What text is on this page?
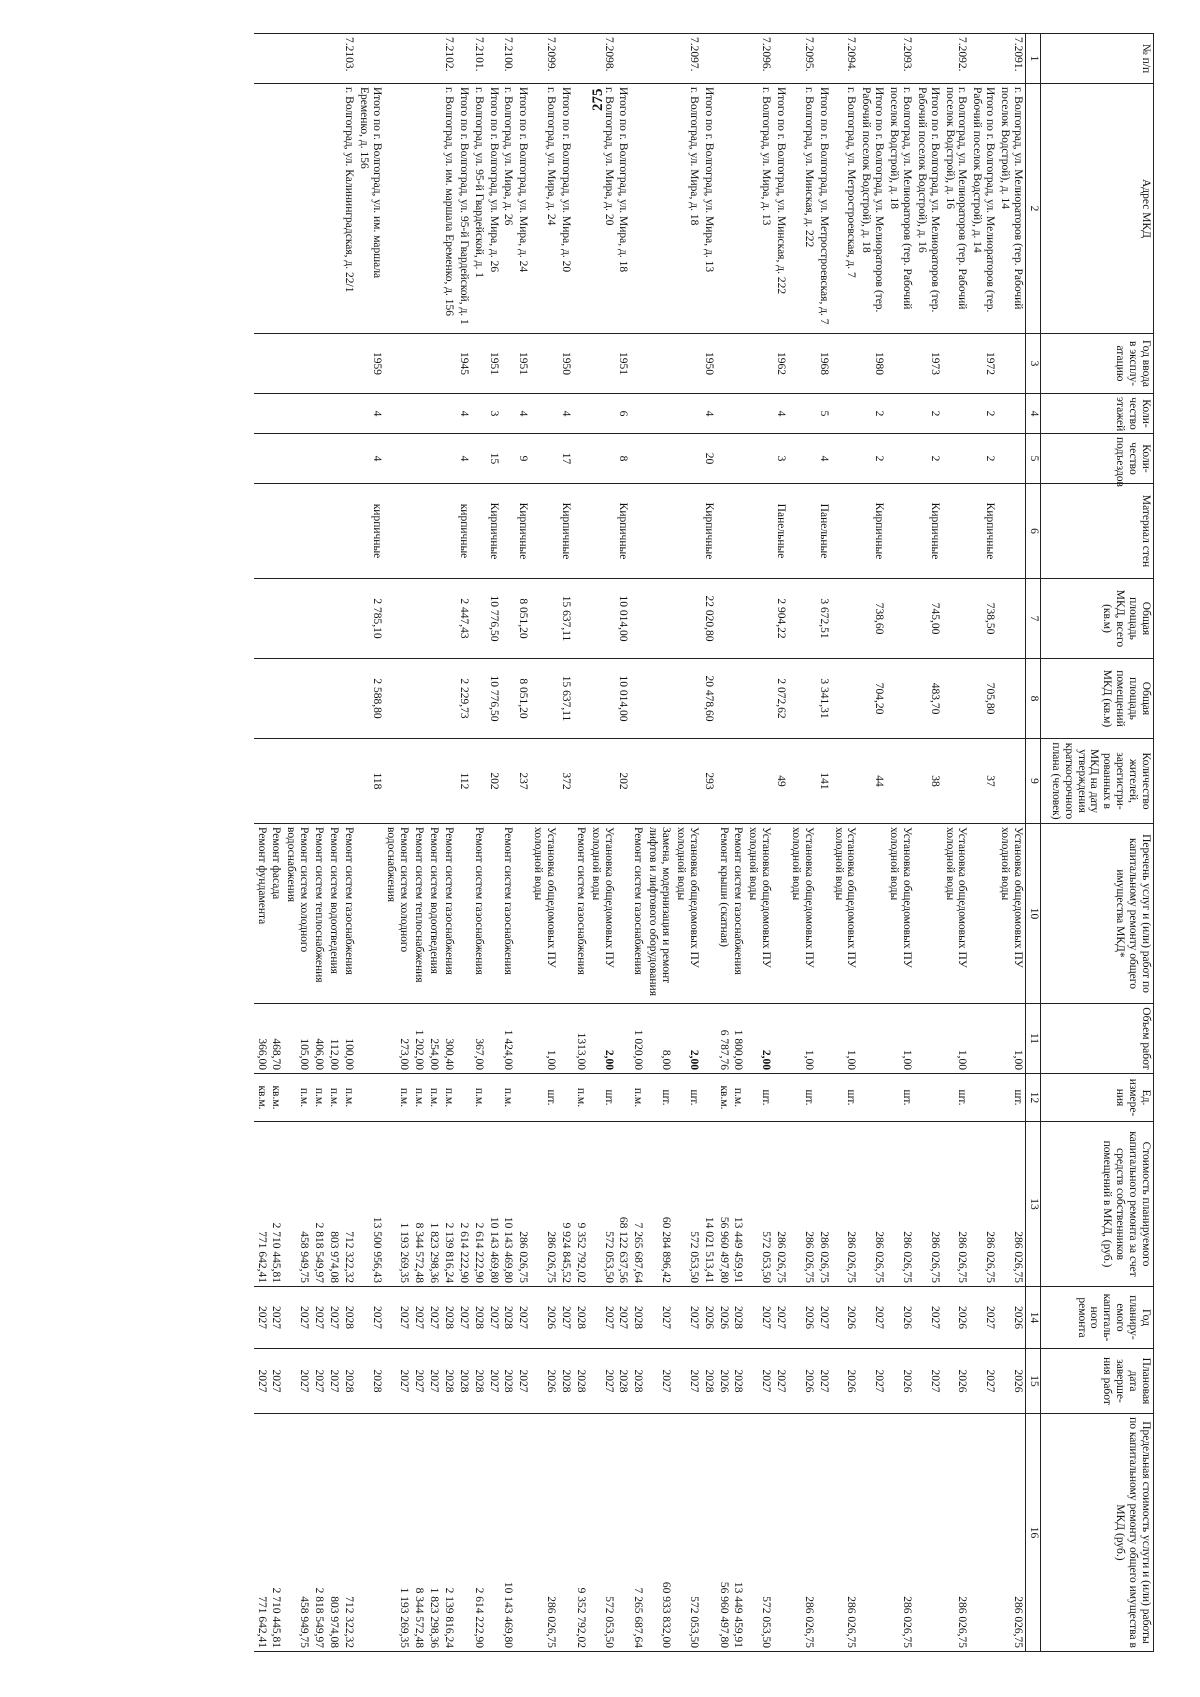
275
№ п/п	Адрес МКД	Год ввода в эксплу-атацию	Коли-чество этажей	Коли-чество подъездов	Материал стен	Общая площадь МКД, всего (кв.м)	Общая площадь помещений МКД (кв.м)	Количество жителей, зарегистри-рованных в МКД на дату утверждения краткосрочного плана (человек)	Перечень услуг и (или) работ по капитальному ремонту общего имущества МКД*	Объем работ	Ед. измере-ния	Стоимость планируемого капитального ремонта за счет средств собственников помещений в МКД, (руб.)	Год планиру-емого капиталь-ного ремонта	Плановая дата заверше-ния работ	Предельная стоимость услуги и (или) работы по капитальному ремонту общего имущества в МКД (руб.)
1	2	3	4	5	6	7	8	9	10	11	12	13	14	15	16
7.2091.	г. Волгоград, ул. Мелиораторов (тер. Рабочий поселок Водстрой), д. 14								Установка общедомовых ПУ холодной воды	1,00	шт.	286 026,75	2026	2026	286 026,75
	Итого по г. Волгоград, ул. Мелиораторов (тер. Рабочий поселок Водстрой), д. 14	1972	2	2	Кирпичные	738,50	705,80	37				286 026,75	2027	2027	
7.2092.	г. Волгоград, ул. Мелиораторов (тер. Рабочий поселок Водстрой), д. 16								Установка общедомовых ПУ холодной воды	1,00	шт.	286 026,75	2026	2026	286 026,75
	Итого по г. Волгоград, ул. Мелиораторов (тер. Рабочий поселок Водстрой), д. 16	1973	2	2	Кирпичные	745,00	483,70	38				286 026,75	2027	2027	
7.2093.	г. Волгоград, ул. Мелиораторов (тер. Рабочий поселок Водстрой), д. 18								Установка общедомовых ПУ холодной воды	1,00	шт.	286 026,75	2026	2026	286 026,75
	Итого по г. Волгоград, ул. Мелиораторов (тер. Рабочий поселок Водстрой), д. 18	1980	2	2	Кирпичные	738,60	704,20	44				286 026,75	2027	2027	
7.2094.	г. Волгоград, ул. Метростроевская, д. 7								Установка общедомовых ПУ холодной воды	1,00	шт.	286 026,75	2026	2026	286 026,75
	Итого по г. Волгоград, ул. Метростроевская, д. 7	1968	5	4	Панельные	3 672,51	3 341,31	141				286 026,75	2027	2027	
7.2095.	г. Волгоград, ул. Минская, д. 222								Установка общедомовых ПУ холодной воды	1,00	шт.	286 026,75	2026	2026	286 026,75
	Итого по г. Волгоград, ул. Минская, д. 222	1962	4	3	Панельные	2 904,22	2 072,62	49				286 026,75	2027	2027	
7.2096.	г. Волгоград, ул. Мира, д. 13								Установка общедомовых ПУ холодной воды	2,00	шт.	572 053,50	2027	2027	572 053,50
									Ремонт систем газоснабжения	1 800,00	п.м.	13 449 459,91	2028	2028	13 449 459,91
									Ремонт крыши (скатная)	6 787,76	кв.м.	56 960 497,80	2026	2026	56 960 497,80
	Итого по г. Волгоград, ул. Мира, д. 13	1950	4	20	Кирпичные	22 020,80	20 478,60	293				14 021 513,41	2026	2028	
7.2097.	г. Волгоград, ул. Мира, д. 18								Установка общедомовых ПУ холодной воды	2,00	шт.	572 053,50	2027	2027	572 053,50
									Замена, модернизация и ремонт лифтов и лифтового оборудования	8,00	шт.	60 284 896,42	2027	2027	60 933 832,00
									Ремонт систем газоснабжения	1 020,00	п.м.	7 265 687,64	2028	2028	7 265 687,64
	Итого по г. Волгоград, ул. Мира, д. 18	1951	6	8	Кирпичные	10 014,00	10 014,00	202				68 122 637,56	2027	2028	
7.2098.	г. Волгоград, ул. Мира, д. 20								Установка общедомовых ПУ холодной воды	2,00	шт.	572 053,50	2027	2027	572 053,50
									Ремонт систем газоснабжения	1313,00	п.м.	9 352 792,02	2028	2028	9 352 792,02
	Итого по г. Волгоград, ул. Мира, д. 20	1950	4	17	Кирпичные	15 637,11	15 637,11	372				9 924 845,52	2027	2028	
7.2099.	г. Волгоград, ул. Мира, д. 24								Установка общедомовых ПУ холодной воды	1,00	шт.	286 026,75	2026	2026	286 026,75
	Итого по г. Волгоград, ул. Мира, д. 24	1951	4	9	Кирпичные	8 051,20	8 051,20	237				286 026,75	2027	2027	
7.2100.	г. Волгоград, ул. Мира, д. 26								Ремонт систем газоснабжения	1 424,00	п.м.	10 143 469,80	2028	2028	10 143 469,80
	Итого по г. Волгоград, ул. Мира, д. 26	1951	3	15	Кирпичные	10 776,50	10 776,50	202				10 143 469,80	2027	2027	
7.2101.	г. Волгоград, ул. 95-й Гвардейской, д. 1								Ремонт систем газоснабжения	367,00	п.м.	2 614 222,90	2028	2028	2 614 222,90
	Итого по г. Волгоград, ул. 95-й Гвардейской, д. 1	1945	4	4	кирпичные	2 447,43	2 229,73	112				2 614 222,90	2027	2028	
7.2102.	г. Волгоград, ул. им. маршала Еременко, д. 156								Ремонт систем газоснабжения	300,40	п.м.	2 139 816,24	2028	2028	2 139 816,24
									Ремонт систем водоотведения	254,00	п.м.	1 823 298,36	2027	2027	1 823 298,36
									Ремонт систем теплоснабжения	1 202,00	п.м.	8 344 572,48	2027	2027	8 344 572,48
									Ремонт систем холодного водоснабжения	273,00	п.м.	1 193 269,35	2027	2027	1 193 269,35
	Итого по г. Волгоград, ул. им. маршала Еременко, д. 156	1959	4	4	кирпичные	2 785,10	2 588,80	118				13 500 956,43	2027	2028	
7.2103.	г. Волгоград, ул. Калининградская, д. 22/1								Ремонт систем газоснабжения	100,00	п.м.	712 322,32	2028	2028	712 322,32
									Ремонт систем водоотведения	112,00	п.м.	803 974,08	2027	2027	803 974,08
									Ремонт систем теплоснабжения	406,00	п.м.	2 818 549,97	2027	2027	2 818 549,97
									Ремонт систем холодного водоснабжения	105,00	п.м.	458 949,75	2027	2027	458 949,75
									Ремонт фасада	468,70	кв.м.	2 710 445,81	2027	2027	2 710 445,81
									Ремонт фундамента	366,00	кв.м.	771 642,41	2027	2027	771 642,41
